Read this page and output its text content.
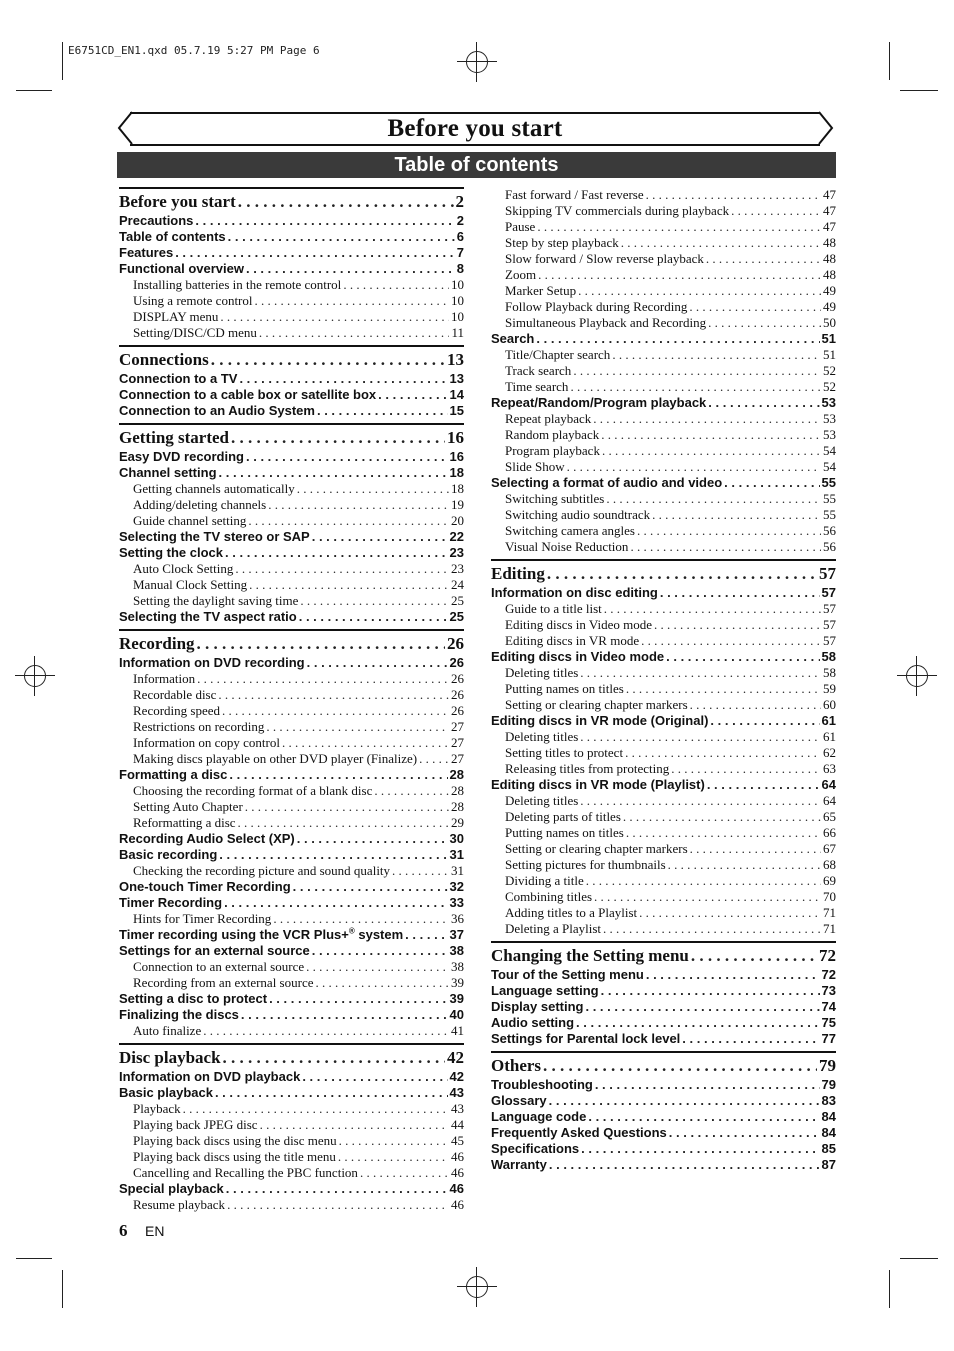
E6751CD_EN1.qxd 05.7.19 5:27 PM Page 6
Before you start
Table of contents
Before you start . . .	2
Precautions . . .	2
Table of contents . . .	6
Features . . .	7
Functional overview . . .	8
Installing batteries in the remote control . . .	10
Using a remote control . . .	10
DISPLAY menu . . .	10
Setting/DISC/CD menu . . .	11
Connections . . .	13
Connection to a TV . . .	13
Connection to a cable box or satellite box . . .	14
Connection to an Audio System . . .	15
Getting started . . .	16
Easy DVD recording . . .	16
Channel setting . . .	18
Getting channels automatically . . .	18
Adding/deleting channels . . .	19
Guide channel setting . . .	20
Selecting the TV stereo or SAP . . .	22
Setting the clock . . .	23
Auto Clock Setting . . .	23
Manual Clock Setting . . .	24
Setting the daylight saving time . . .	25
Selecting the TV aspect ratio . . .	25
Recording . . .	26
Information on DVD recording . . .	26
Information . . .	26
Recordable disc . . .	26
Recording speed . . .	26
Restrictions on recording . . .	27
Information on copy control . . .	27
Making discs playable on other DVD player (Finalize) . . .	27
Formatting a disc . . .	28
Choosing the recording format of a blank disc . . .	28
Setting Auto Chapter . . .	28
Reformatting a disc . . .	29
Recording Audio Select (XP) . . .	30
Basic recording . . .	31
Checking the recording picture and sound quality . . .	31
One-touch Timer Recording . . .	32
Timer Recording . . .	33
Hints for Timer Recording . . .	36
Timer recording using the VCR Plus+® system . . .	37
Settings for an external source . . .	38
Connection to an external source . . .	38
Recording from an external source . . .	39
Setting a disc to protect . . .	39
Finalizing the discs . . .	40
Auto finalize . . .	41
Disc playback . . .	42
Information on DVD playback . . .	42
Basic playback . . .	43
Playback . . .	43
Playing back JPEG disc . . .	44
Playing back discs using the disc menu . . .	45
Playing back discs using the title menu . . .	46
Cancelling and Recalling the PBC function . . .	46
Special playback . . .	46
Resume playback . . .	46
Fast forward / Fast reverse . . .	47
Skipping TV commercials during playback . . .	47
Pause . . .	47
Step by step playback . . .	48
Slow forward / Slow reverse playback . . .	48
Zoom . . .	48
Marker Setup . . .	49
Follow Playback during Recording . . .	49
Simultaneous Playback and Recording . . .	50
Search . . .	51
Title/Chapter search . . .	51
Track search . . .	52
Time search . . .	52
Repeat/Random/Program playback . . .	53
Repeat playback . . .	53
Random playback . . .	53
Program playback . . .	54
Slide Show . . .	54
Selecting a format of audio and video . . .	55
Switching subtitles . . .	55
Switching audio soundtrack . . .	55
Switching camera angles . . .	56
Visual Noise Reduction . . .	56
Editing . . .	57
Information on disc editing . . .	57
Guide to a title list . . .	57
Editing discs in Video mode . . .	57
Editing discs in VR mode . . .	57
Editing discs in Video mode . . .	58
Deleting titles . . .	58
Putting names on titles . . .	59
Setting or clearing chapter markers . . .	60
Editing discs in VR mode (Original) . . .	61
Deleting titles . . .	61
Setting titles to protect . . .	62
Releasing titles from protecting . . .	63
Editing discs in VR mode (Playlist) . . .	64
Deleting titles . . .	64
Deleting parts of titles . . .	65
Putting names on titles . . .	66
Setting or clearing chapter markers . . .	67
Setting pictures for thumbnails . . .	68
Dividing a title . . .	69
Combining titles . . .	70
Adding titles to a Playlist . . .	71
Deleting a Playlist . . .	71
Changing the Setting menu . . .	72
Tour of the Setting menu . . .	72
Language setting . . .	73
Display setting . . .	74
Audio setting . . .	75
Settings for Parental lock level . . .	77
Others . . .	79
Troubleshooting . . .	79
Glossary . . .	83
Language code . . .	84
Frequently Asked Questions . . .	84
Specifications . . .	85
Warranty . . .	87
6 EN
